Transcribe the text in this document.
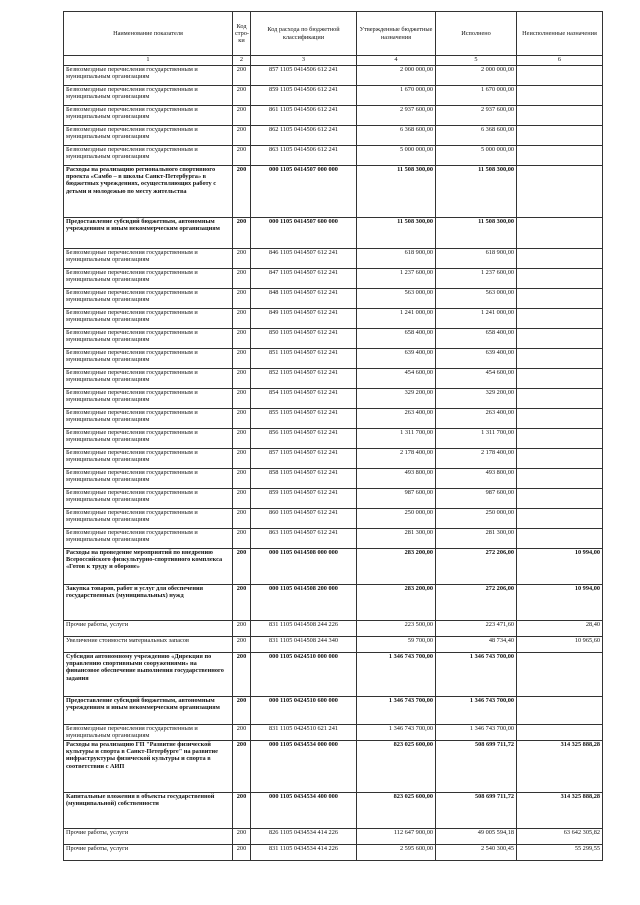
Наименование показателя	Код стро-ки	Код расхода по бюджетной классификации	Утвержденные бюджетные назначения	Исполнено	Неисполненные назначения
1	2	3	4	5	6
Безвозмездные перечисления государственным и муниципальным организациям	200	857 1105 0414506 612 241	2 000 000,00	2 000 000,00	
Безвозмездные перечисления государственным и муниципальным организациям	200	859 1105 0414506 612 241	1 670 000,00	1 670 000,00	
Безвозмездные перечисления государственным и муниципальным организациям	200	861 1105 0414506 612 241	2 937 600,00	2 937 600,00	
Безвозмездные перечисления государственным и муниципальным организациям	200	862 1105 0414506 612 241	6 368 600,00	6 368 600,00	
Безвозмездные перечисления государственным и муниципальным организациям	200	863 1105 0414506 612 241	5 000 000,00	5 000 000,00	
Расходы на реализацию регионального спортивного проекта «Самбо – в школы Санкт-Петербурга» в бюджетных учреждениях, осуществляющих работу с детьми и молодежью по месту жительства	200	000 1105 0414507 000 000	11 508 300,00	11 508 300,00	
Предоставление субсидий бюджетным, автономным учреждениям и иным некоммерческим организациям	200	000 1105 0414507 600 000	11 508 300,00	11 508 300,00	
Безвозмездные перечисления государственным и муниципальным организациям	200	846 1105 0414507 612 241	618 900,00	618 900,00	
Безвозмездные перечисления государственным и муниципальным организациям	200	847 1105 0414507 612 241	1 237 600,00	1 237 600,00	
Безвозмездные перечисления государственным и муниципальным организациям	200	848 1105 0414507 612 241	563 000,00	563 000,00	
Безвозмездные перечисления государственным и муниципальным организациям	200	849 1105 0414507 612 241	1 241 000,00	1 241 000,00	
Безвозмездные перечисления государственным и муниципальным организациям	200	850 1105 0414507 612 241	658 400,00	658 400,00	
Безвозмездные перечисления государственным и муниципальным организациям	200	851 1105 0414507 612 241	639 400,00	639 400,00	
Безвозмездные перечисления государственным и муниципальным организациям	200	852 1105 0414507 612 241	454 600,00	454 600,00	
Безвозмездные перечисления государственным и муниципальным организациям	200	854 1105 0414507 612 241	329 200,00	329 200,00	
Безвозмездные перечисления государственным и муниципальным организациям	200	855 1105 0414507 612 241	263 400,00	263 400,00	
Безвозмездные перечисления государственным и муниципальным организациям	200	856 1105 0414507 612 241	1 311 700,00	1 311 700,00	
Безвозмездные перечисления государственным и муниципальным организациям	200	857 1105 0414507 612 241	2 178 400,00	2 178 400,00	
Безвозмездные перечисления государственным и муниципальным организациям	200	858 1105 0414507 612 241	493 800,00	493 800,00	
Безвозмездные перечисления государственным и муниципальным организациям	200	859 1105 0414507 612 241	987 600,00	987 600,00	
Безвозмездные перечисления государственным и муниципальным организациям	200	860 1105 0414507 612 241	250 000,00	250 000,00	
Безвозмездные перечисления государственным и муниципальным организациям	200	863 1105 0414507 612 241	281 300,00	281 300,00	
Расходы на проведение мероприятий по внедрению Всероссийского физкультурно-спортивного комплекса «Готов к труду и обороне»	200	000 1105 0414508 000 000	283 200,00	272 206,00	10 994,00
Закупка товаров, работ и услуг для обеспечения государственных (муниципальных) нужд	200	000 1105 0414508 200 000	283 200,00	272 206,00	10 994,00
Прочие работы, услуги	200	831 1105 0414508 244 226	223 500,00	223 471,60	28,40
Увеличение стоимости материальных запасов	200	831 1105 0414508 244 340	59 700,00	48 734,40	10 965,60
Субсидия автономному учреждению «Дирекция по управлению спортивными сооружениями» на финансовое обеспечение выполнения государственного задания	200	000 1105 0424510 000 000	1 346 743 700,00	1 346 743 700,00	
Предоставление субсидий бюджетным, автономным учреждениям и иным некоммерческим организациям	200	000 1105 0424510 600 000	1 346 743 700,00	1 346 743 700,00	
Безвозмездные перечисления государственным и муниципальным организациям	200	831 1105 0424510 621 241	1 346 743 700,00	1 346 743 700,00	
Расходы на реализацию ГП "Развитие физической культуры и спорта в Санкт-Петербурге" на развитие инфраструктуры физической культуры и спорта в соответствии с АИП	200	000 1105 0434534 000 000	823 025 600,00	508 699 711,72	314 325 888,28
Капитальные вложения в объекты государственной (муниципальной) собственности	200	000 1105 0434534 400 000	823 025 600,00	508 699 711,72	314 325 888,28
Прочие работы, услуги	200	826 1105 0434534 414 226	112 647 900,00	49 005 594,18	63 642 305,82
Прочие работы, услуги	200	831 1105 0434534 414 226	2 595 600,00	2 540 300,45	55 299,55
